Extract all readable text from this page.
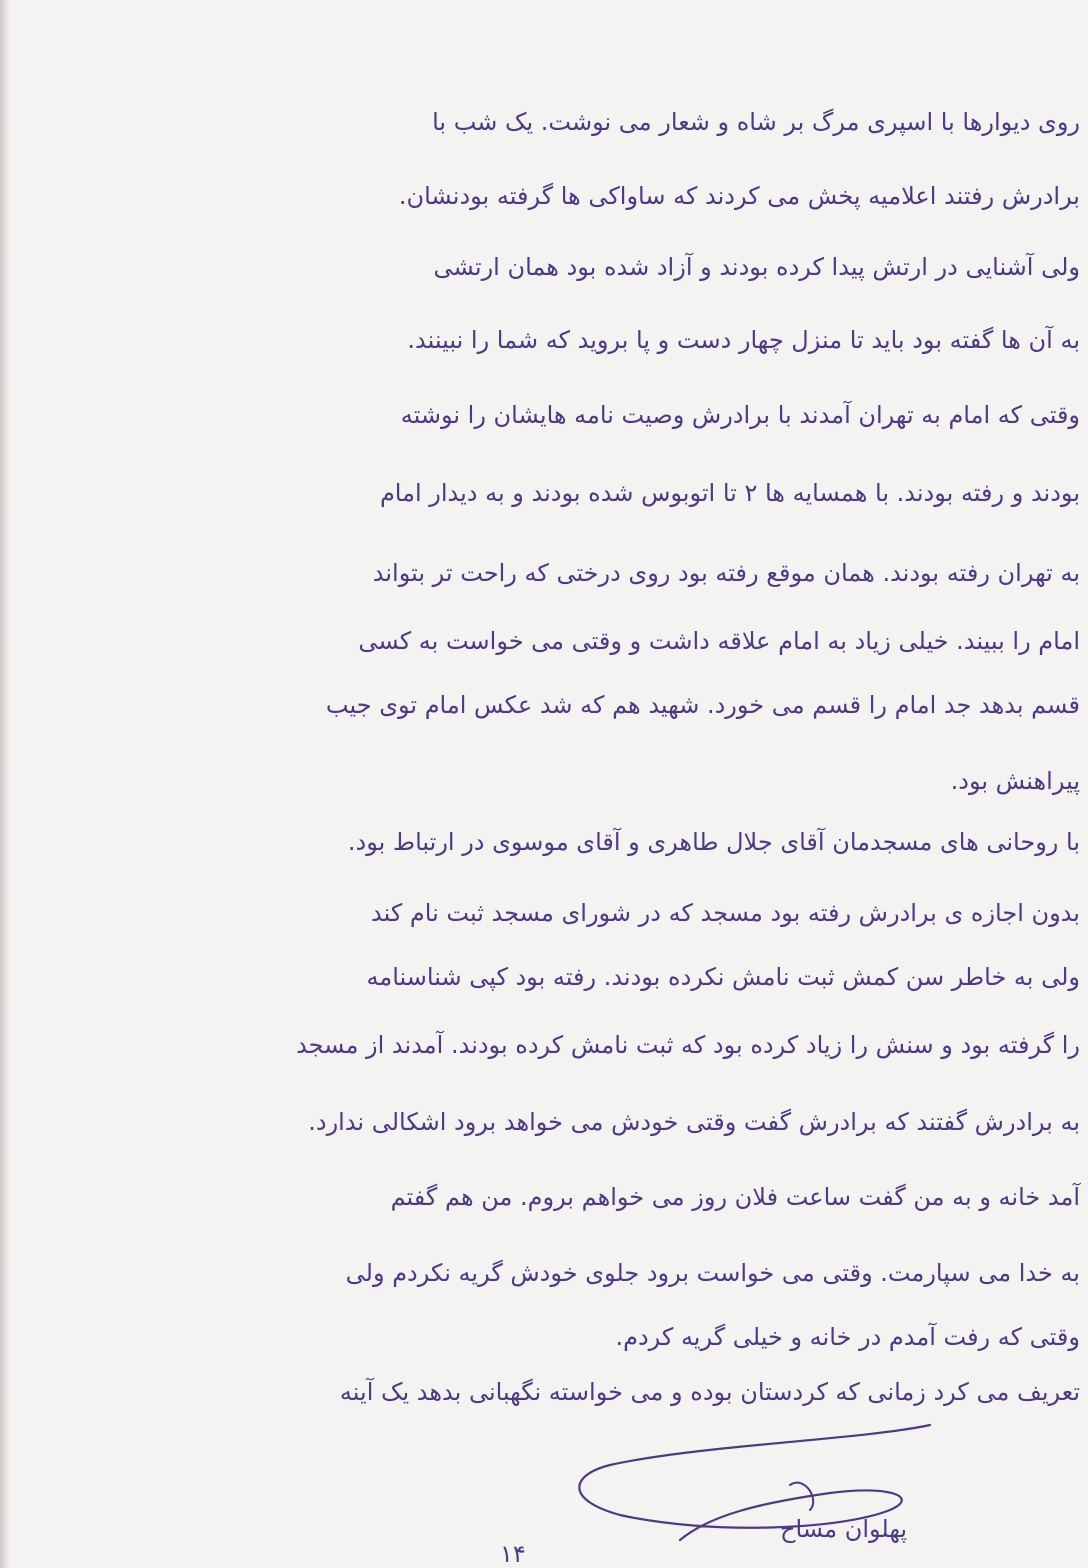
روی دیوارها با اسپری مرگ بر شاه و شعار می نوشت. یک شب با
برادرش رفتند اعلامیه پخش می کردند که ساواکی ها گرفته بودنشان.
ولی آشنایی در ارتش پیدا کرده بودند و آزاد شده بود همان ارتشی
به آن ها گفته بود باید تا منزل چهار دست و پا بروید که شما را نبینند.
وقتی که امام به تهران آمدند با برادرش وصیت نامه هایشان را نوشته
بودند و رفته بودند. با همسایه ها ۲ تا اتوبوس شده بودند و به دیدار امام
به تهران رفته بودند. همان موقع رفته بود روی درختی که راحت تر بتواند
امام را ببیند. خیلی زیاد به امام علاقه داشت و وقتی می خواست به کسی
قسم بدهد جد امام را قسم می خورد. شهید هم که شد عکس امام توی جیب
پیراهنش بود.
با روحانی های مسجدمان آقای جلال طاهری و آقای موسوی در ارتباط بود.
بدون اجازه ی برادرش رفته بود مسجد که در شورای مسجد ثبت نام کند
ولی به خاطر سن کمش ثبت نامش نکرده بودند. رفته بود کپی شناسنامه
را گرفته بود و سنش را زیاد کرده بود که ثبت نامش کرده بودند. آمدند از مسجد
به برادرش گفتند که برادرش گفت وقتی خودش می خواهد برود اشکالی ندارد.
آمد خانه و به من گفت ساعت فلان روز می خواهم بروم. من هم گفتم
به خدا می سپارمت. وقتی می خواست برود جلوی خودش گریه نکردم ولی
وقتی که رفت آمدم در خانه و خیلی گریه کردم.
تعریف می کرد زمانی که کردستان بوده و می خواسته نگهبانی بدهد یک آینه
پهلوان مساح
۱۴
